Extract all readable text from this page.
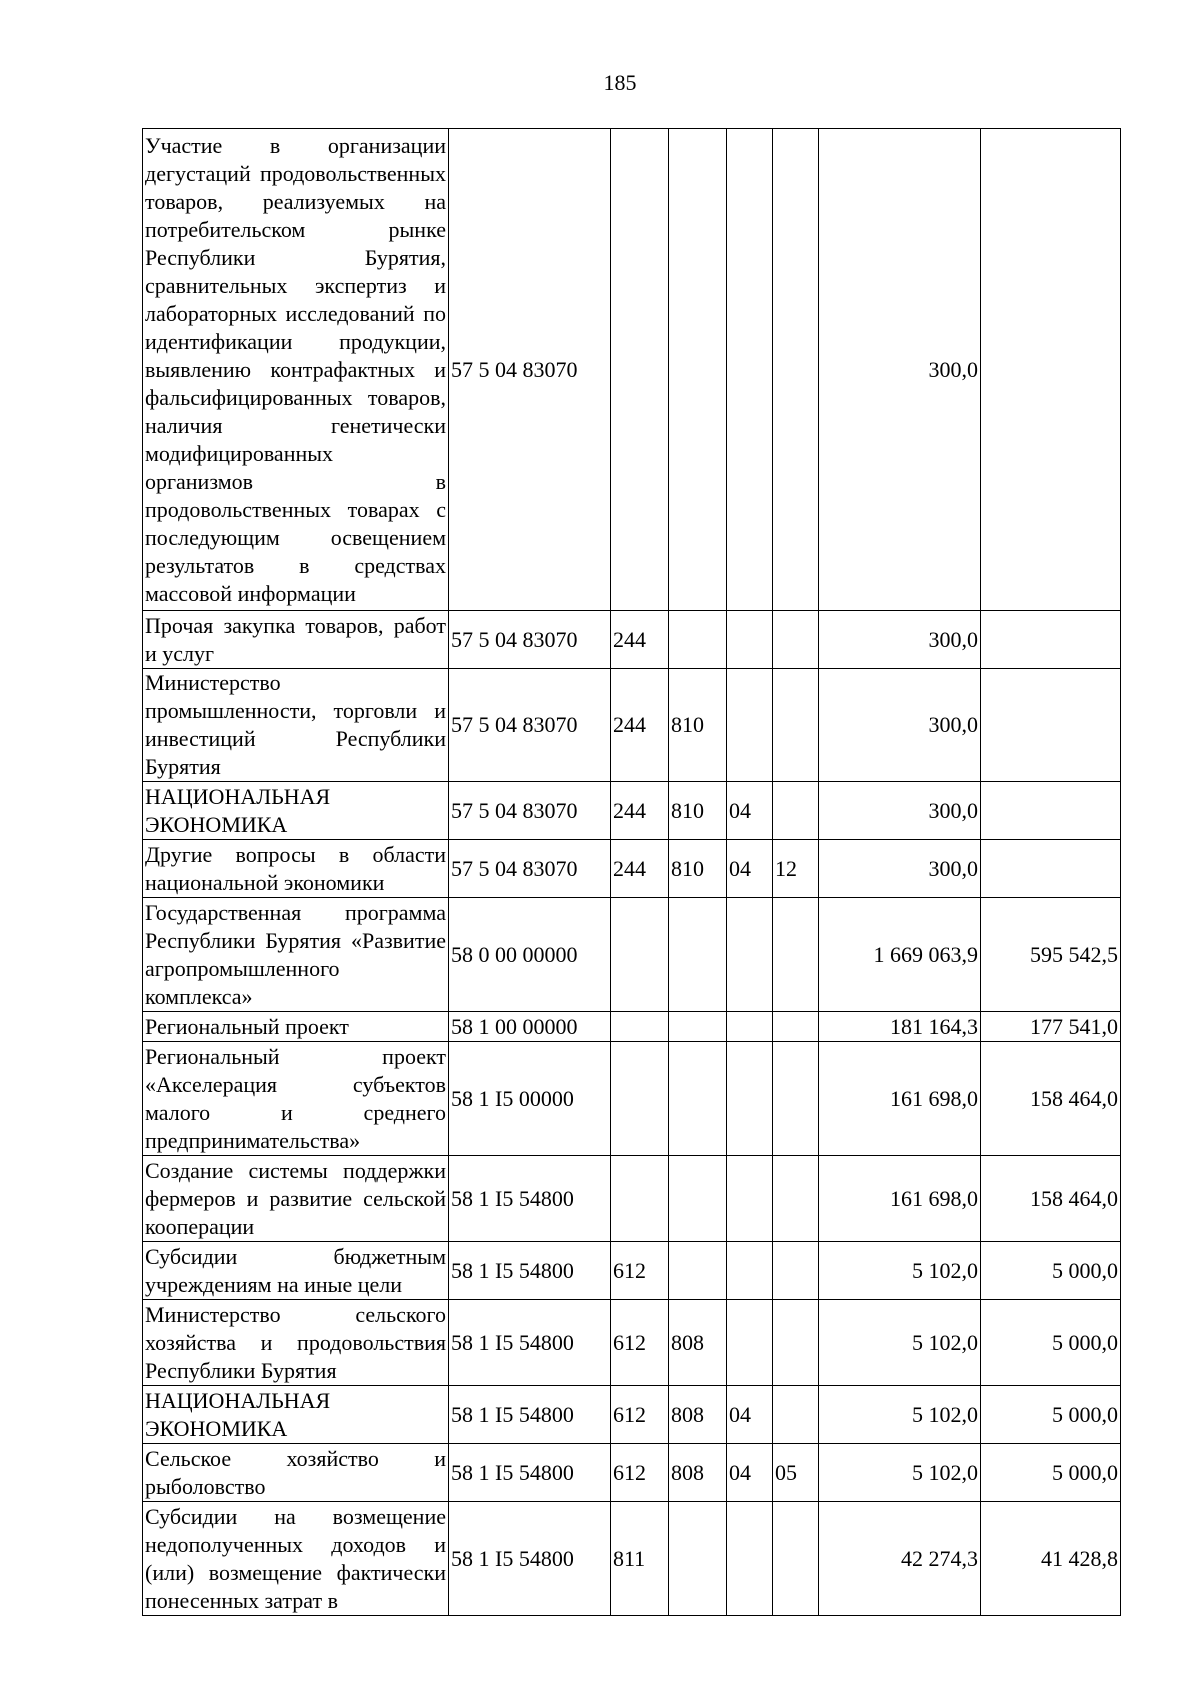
185
Участие в организации дегустаций продовольственных товаров, реализуемых на потребительском рынке Республики Бурятия, сравнительных экспертиз и лабораторных исследований по идентификации продукции, выявлению контрафактных и фальсифицированных товаров, наличия генетически модифицированных организмов в продовольственных товарах с последующим освещением результатов в средствах массовой информации	57 5 04 83070					300,0	
Прочая закупка товаров, работ и услуг	57 5 04 83070	244				300,0	
Министерство промышленности, торговли и инвестиций Республики Бурятия	57 5 04 83070	244	810			300,0	
НАЦИОНАЛЬНАЯ ЭКОНОМИКА	57 5 04 83070	244	810	04		300,0	
Другие вопросы в области национальной экономики	57 5 04 83070	244	810	04	12	300,0	
Государственная программа Республики Бурятия «Развитие агропромышленного комплекса»	58 0 00 00000					1 669 063,9	595 542,5
Региональный проект	58 1 00 00000					181 164,3	177 541,0
Региональный проект «Акселерация субъектов малого и среднего предпринимательства»	58 1 I5 00000					161 698,0	158 464,0
Создание системы поддержки фермеров и развитие сельской кооперации	58 1 I5 54800					161 698,0	158 464,0
Субсидии бюджетным учреждениям на иные цели	58 1 I5 54800	612				5 102,0	5 000,0
Министерство сельского хозяйства и продовольствия Республики Бурятия	58 1 I5 54800	612	808			5 102,0	5 000,0
НАЦИОНАЛЬНАЯ ЭКОНОМИКА	58 1 I5 54800	612	808	04		5 102,0	5 000,0
Сельское хозяйство и рыболовство	58 1 I5 54800	612	808	04	05	5 102,0	5 000,0
Субсидии на возмещение недополученных доходов и (или) возмещение фактически понесенных затрат в	58 1 I5 54800	811				42 274,3	41 428,8
